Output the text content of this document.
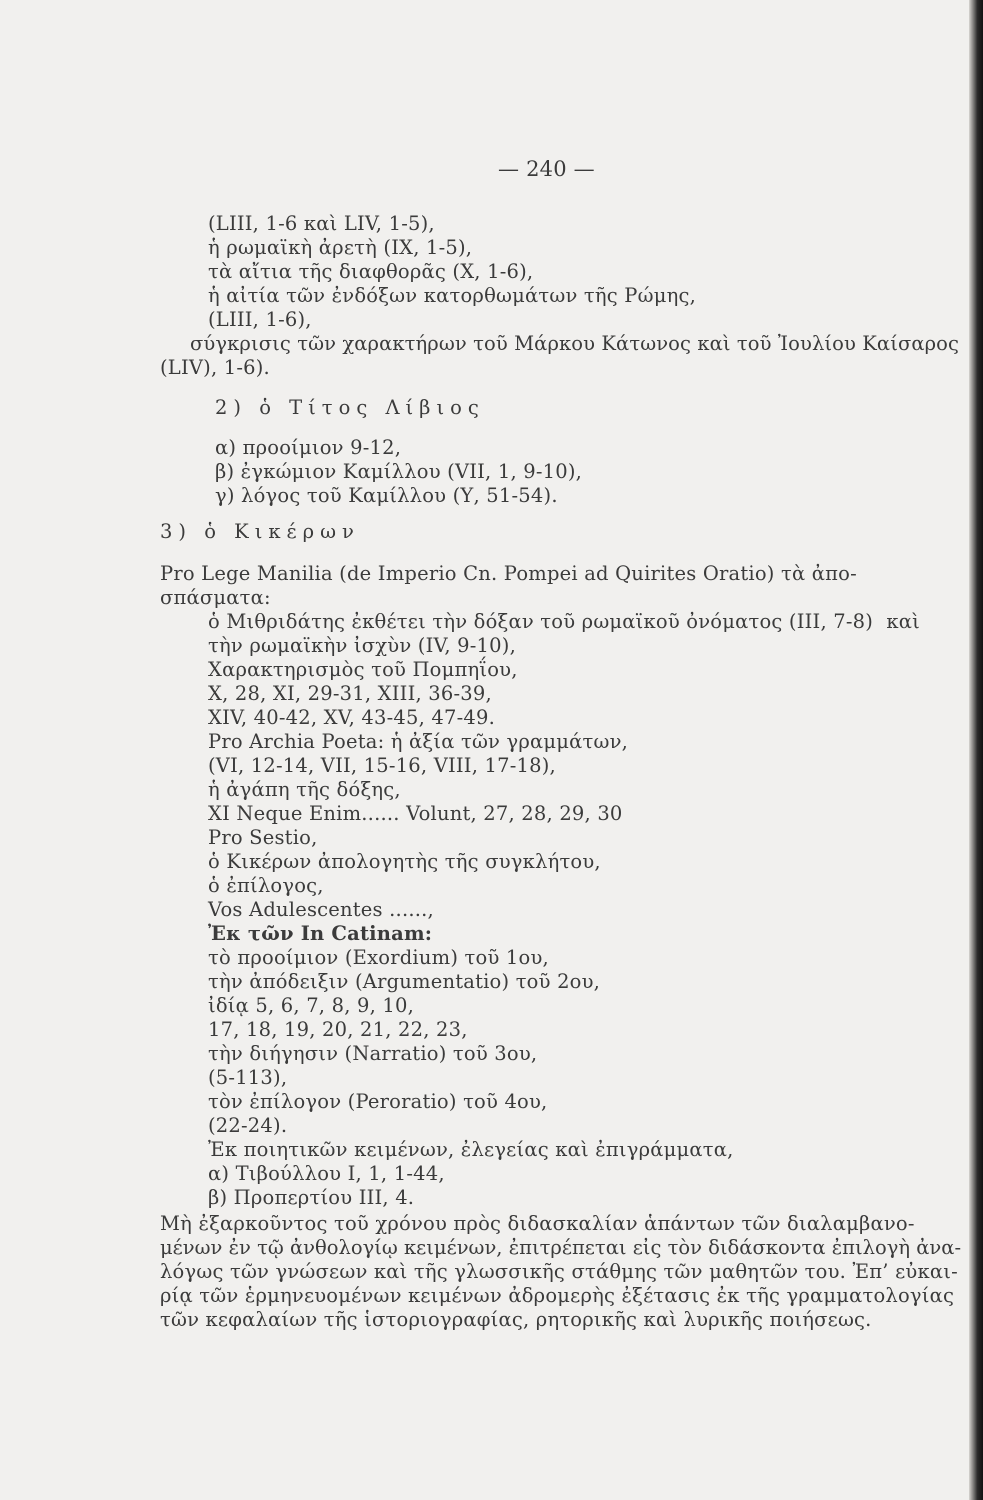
— 240 —
(LIII, 1-6 καὶ LIV, 1-5),
ἡ ρωμαϊκὴ ἀρετὴ (IX, 1-5),
τὰ αἴτια τῆς διαφθορᾶς (X, 1-6),
ἡ αἰτία τῶν ἐνδόξων κατορθωμάτων τῆς Ρώμης,
(LIII, 1-6),
σύγκρισις τῶν χαρακτήρων τοῦ Μάρκου Κάτωνος καὶ τοῦ Ἰουλίου Καίσαρος
(LIV), 1-6).
2) ὁ Τίτος Λίβιος
α) προοίμιον 9-12,
β) ἐγκώμιον Καμίλλου (VII, 1, 9-10),
γ) λόγος τοῦ Καμίλλου (Υ, 51-54).
3) ὁ Κικέρων
Pro Lege Manilia (de Imperio Cn. Pompei ad Quirites Oratio) τὰ ἀπο-
σπάσματα:
ὁ Μιθριδάτης ἐκθέτει τὴν δόξαν τοῦ ρωμαϊκοῦ ὀνόματος (III, 7-8) καὶ
τὴν ρωμαϊκὴν ἰσχὺν (IV, 9-10),
Χαρακτηρισμὸς τοῦ Πομπηΐου,
X, 28, XI, 29-31, XIII, 36-39,
XIV, 40-42, XV, 43-45, 47-49.
Pro Archia Poeta: ἡ ἀξία τῶν γραμμάτων,
(VI, 12-14, VII, 15-16, VIII, 17-18),
ἡ ἀγάπη τῆς δόξης,
XI Neque Enim...... Volunt, 27, 28, 29, 30
Pro Sestio,
ὁ Κικέρων ἀπολογητὴς τῆς συγκλήτου,
ὁ ἐπίλογος,
Vos Adulescentes ......,
Ἐκ τῶν In Catinam:
τὸ προοίμιον (Exordium) τοῦ 1ου,
τὴν ἀπόδειξιν (Argumentatio) τοῦ 2ου,
ἰδίᾳ 5, 6, 7, 8, 9, 10,
17, 18, 19, 20, 21, 22, 23,
τὴν διήγησιν (Narratio) τοῦ 3ου,
(5-113),
τὸν ἐπίλογον (Peroratio) τοῦ 4ου,
(22-24).
Ἐκ ποιητικῶν κειμένων, ἐλεγείας καὶ ἐπιγράμματα,
α) Τιβούλλου I, 1, 1-44,
β) Προπερτίου III, 4.
Μὴ ἐξαρκοῦντος τοῦ χρόνου πρὸς διδασκαλίαν ἁπάντων τῶν διαλαμβανο-
μένων ἐν τῷ ἀνθολογίῳ κειμένων, ἐπιτρέπεται εἰς τὸν διδάσκοντα ἐπιλογὴ ἀνα-
λόγως τῶν γνώσεων καὶ τῆς γλωσσικῆς στάθμης τῶν μαθητῶν του. Ἐπ’ εὐκαι-
ρίᾳ τῶν ἑρμηνευομένων κειμένων ἀδρομερὴς ἐξέτασις ἐκ τῆς γραμματολογίας
τῶν κεφαλαίων τῆς ἱστοριογραφίας, ρητορικῆς καὶ λυρικῆς ποιήσεως.
